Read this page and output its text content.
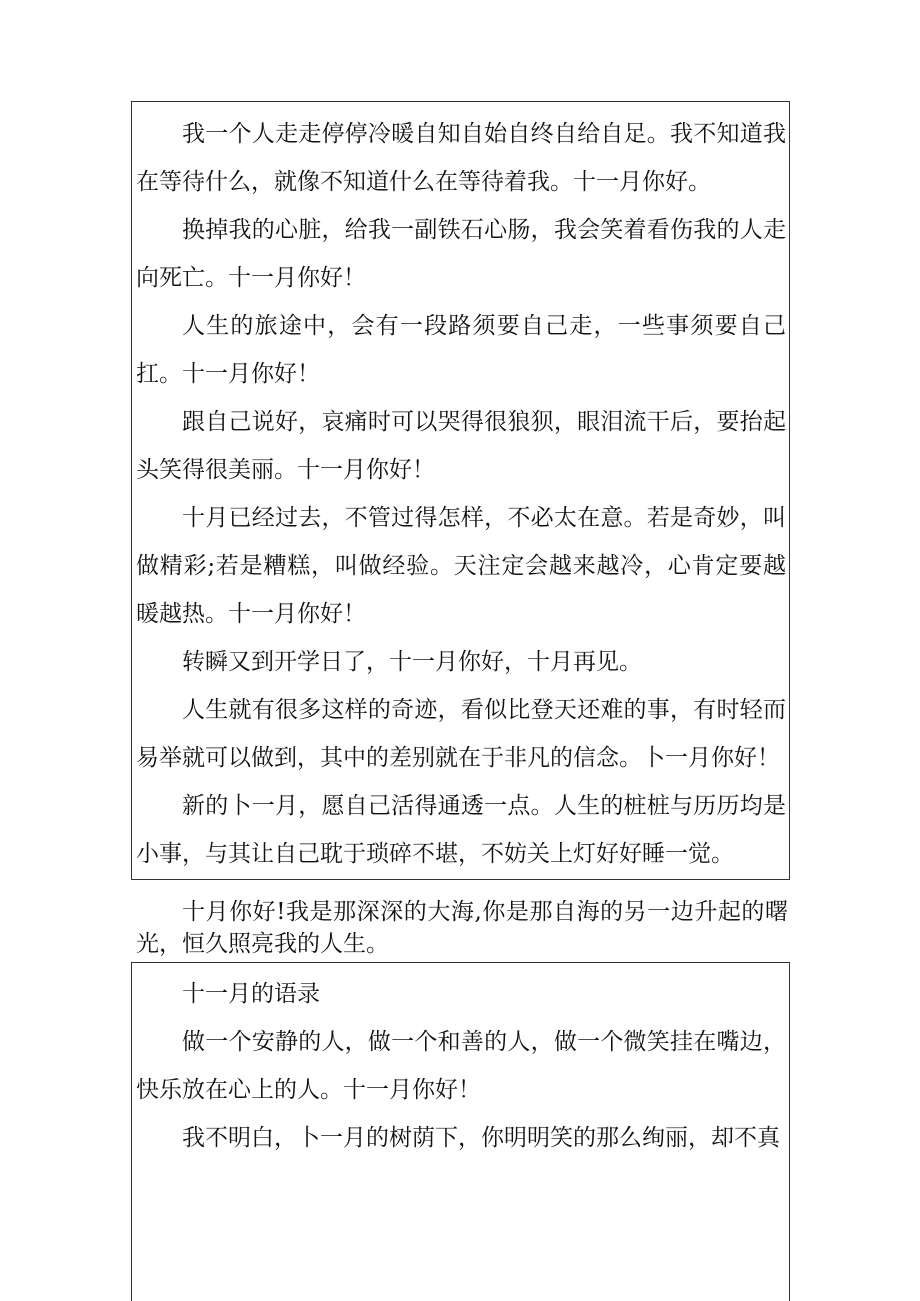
我一个人走走停停冷暖自知自始自终自给自足。我不知道我在等待什么，就像不知道什么在等待着我。十一月你好。

换掉我的心脏，给我一副铁石心肠，我会笑着看伤我的人走向死亡。十一月你好！

人生的旅途中，会有一段路须要自己走，一些事须要自己扛。十一月你好！

跟自己说好，哀痛时可以哭得很狼狈，眼泪流干后，要抬起头笑得很美丽。十一月你好！

十月已经过去，不管过得怎样，不必太在意。若是奇妙，叫做精彩;若是糟糕，叫做经验。天注定会越来越冷，心肯定要越暖越热。十一月你好！

转瞬又到开学日了，十一月你好，十月再见。

人生就有很多这样的奇迹，看似比登天还难的事，有时轻而易举就可以做到，其中的差别就在于非凡的信念。卜一月你好！

新的卜一月，愿自己活得通透一点。人生的桩桩与历历均是小事，与其让自己耽于琐碎不堪，不妨关上灯好好睡一觉。

十月你好!我是那深深的大海,你是那自海的另一边升起的曙光，恒久照亮我的人生。

十一月的语录

做一个安静的人，做一个和善的人，做一个微笑挂在嘴边，快乐放在心上的人。十一月你好！

我不明白，卜一月的树荫下，你明明笑的那么绚丽，却不真
